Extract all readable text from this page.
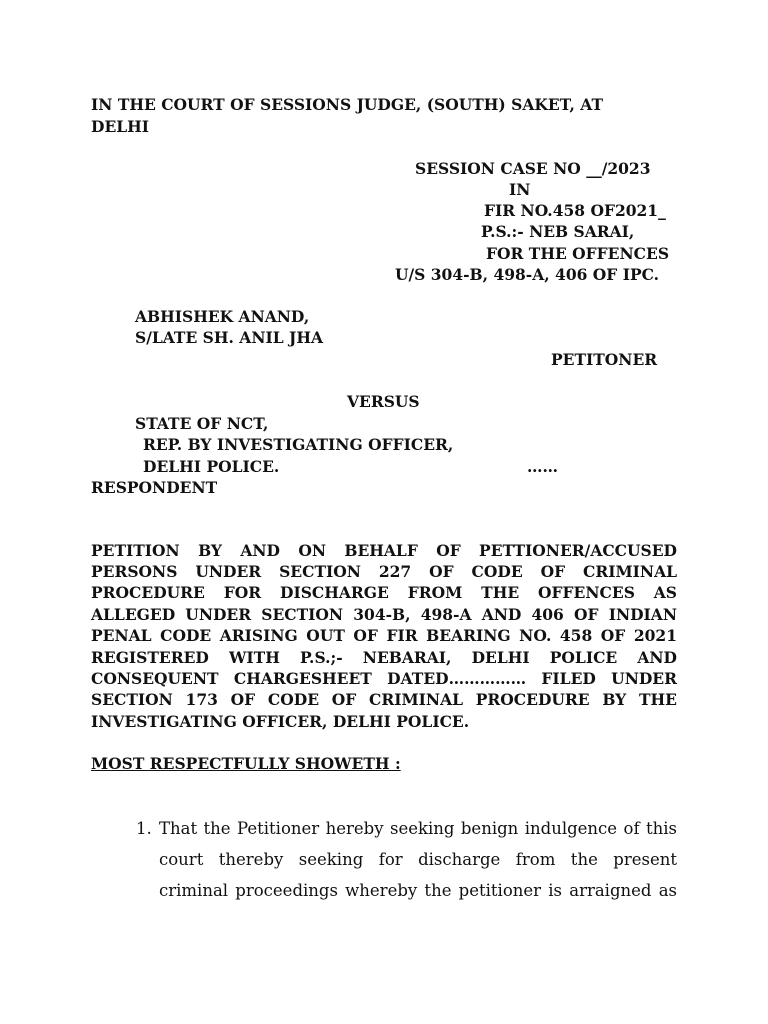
IN THE COURT OF SESSIONS JUDGE, (SOUTH) SAKET, AT
DELHI
SESSION CASE NO __/2023
IN
FIR NO.458 OF2021_
P.S.:- NEB SARAI,
FOR THE OFFENCES
U/S 304-B, 498-A, 406 OF IPC.
ABHISHEK ANAND,
S/LATE SH. ANIL JHA
PETITONER
VERSUS
STATE OF NCT,
REP. BY INVESTIGATING OFFICER,
DELHI POLICE.	……
RESPONDENT
PETITION BY AND ON BEHALF OF PETTIONER/ACCUSED
PERSONS UNDER SECTION 227 OF CODE OF CRIMINAL
PROCEDURE FOR DISCHARGE FROM THE OFFENCES AS
ALLEGED UNDER SECTION 304-B, 498-A AND 406 OF INDIAN
PENAL CODE ARISING OUT OF FIR BEARING NO. 458 OF 2021
REGISTERED WITH P.S.;- NEBARAI, DELHI POLICE AND
CONSEQUENT CHARGESHEET DATED…………… FILED UNDER
SECTION 173 OF CODE OF CRIMINAL PROCEDURE BY THE
INVESTIGATING OFFICER, DELHI POLICE.
MOST RESPECTFULLY SHOWETH :
1. That the Petitioner hereby seeking benign indulgence of this
court thereby seeking for discharge from the present
criminal proceedings whereby the petitioner is arraigned as
